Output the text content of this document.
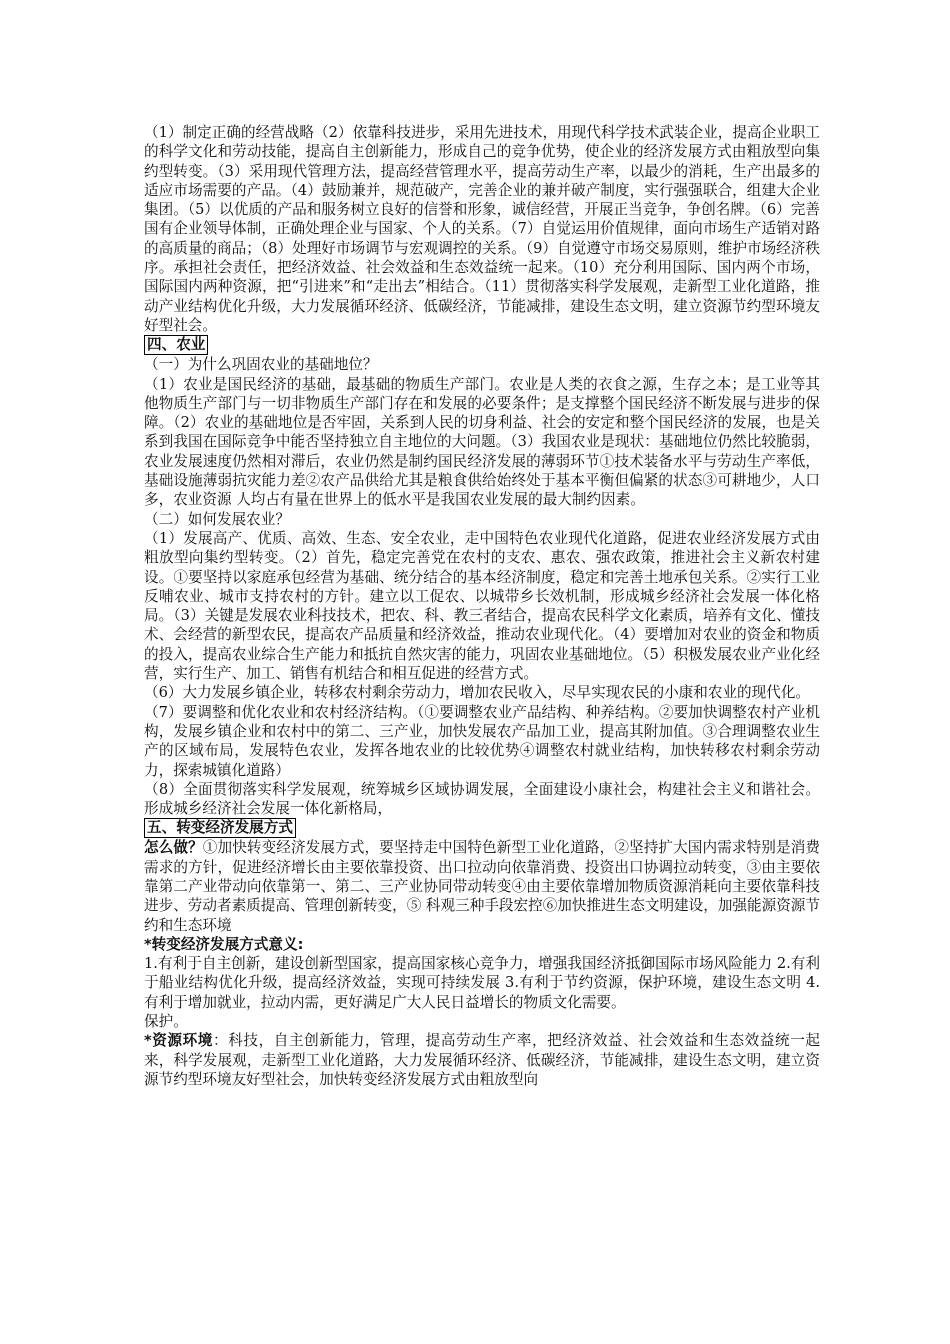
（1）制定正确的经营战略（2）依靠科技进步，采用先进技术，用现代科学技术武装企业，提高企业职工的科学文化和劳动技能，提高自主创新能力，形成自己的竞争优势，使企业的经济发展方式由粗放型向集约型转变。（3）采用现代管理方法，提高经营管理水平，提高劳动生产率，以最少的消耗，生产出最多的适应市场需要的产品。（4）鼓励兼并，规范破产，完善企业的兼并破产制度，实行强强联合，组建大企业集团。（5）以优质的产品和服务树立良好的信誉和形象，诚信经营，开展正当竞争，争创名牌。（6）完善国有企业领导体制，正确处理企业与国家、个人的关系。（7）自觉运用价值规律，面向市场生产适销对路的高质量的商品；（8）处理好市场调节与宏观调控的关系。（9）自觉遵守市场交易原则，维护市场经济秩序。承担社会责任，把经济效益、社会效益和生态效益统一起来。（10）充分利用国际、国内两个市场，国际国内两种资源，把“引进来”和“走出去”相结合。（11）贯彻落实科学发展观，走新型工业化道路，推动产业结构优化升级，大力发展循环经济、低碳经济，节能减排，建设生态文明，建立资源节约型环境友好型社会。

四、农业

（一）为什么巩固农业的基础地位？

（1）农业是国民经济的基础，最基础的物质生产部门。农业是人类的衣食之源，生存之本；是工业等其他物质生产部门与一切非物质生产部门存在和发展的必要条件；是支撑整个国民经济不断发展与进步的保障。（2）农业的基础地位是否牢固，关系到人民的切身利益、社会的安定和整个国民经济的发展，也是关系到我国在国际竞争中能否坚持独立自主地位的大问题。（3）我国农业是现状：基础地位仍然比较脆弱，农业发展速度仍然相对滞后，农业仍然是制约国民经济发展的薄弱环节①技术装备水平与劳动生产率低，基础设施薄弱抗灾能力差②农产品供给尤其是粮食供给始终处于基本平衡但偏紧的状态③可耕地少，人口多，农业资源 人均占有量在世界上的低水平是我国农业发展的最大制约因素。

（二）如何发展农业？

（1）发展高产、优质、高效、生态、安全农业，走中国特色农业现代化道路，促进农业经济发展方式由粗放型向集约型转变。（2）首先，稳定完善党在农村的支农、惠农、强农政策，推进社会主义新农村建设。①要坚持以家庭承包经营为基础、统分结合的基本经济制度，稳定和完善土地承包关系。②实行工业反哺农业、城市支持农村的方针。建立以工促农、以城带乡长效机制，形成城乡经济社会发展一体化格局。（3）关键是发展农业科技技术，把农、科、教三者结合，提高农民科学文化素质，培养有文化、懂技术、会经营的新型农民，提高农产品质量和经济效益，推动农业现代化。（4）要增加对农业的资金和物质的投入，提高农业综合生产能力和抵抗自然灾害的能力，巩固农业基础地位。（5）积极发展农业产业化经营，实行生产、加工、销售有机结合和相互促进的经营方式。

（6）大力发展乡镇企业，转移农村剩余劳动力，增加农民收入，尽早实现农民的小康和农业的现代化。

（7）要调整和优化农业和农村经济结构。（①要调整农业产品结构、种养结构。②要加快调整农村产业机构，发展乡镇企业和农村中的第二、三产业，加快发展农产品加工业，提高其附加值。③合理调整农业生产的区域布局，发展特色农业，发挥各地农业的比较优势④调整农村就业结构，加快转移农村剩余劳动力，探索城镇化道路）

（8）全面贯彻落实科学发展观，统筹城乡区域协调发展，全面建设小康社会，构建社会主义和谐社会。形成城乡经济社会发展一体化新格局，

五、转变经济发展方式

怎么做？①加快转变经济发展方式，要坚持走中国特色新型工业化道路，②坚持扩大国内需求特别是消费需求的方针，促进经济增长由主要依靠投资、出口拉动向依靠消费、投资出口协调拉动转变，③由主要依靠第二产业带动向依靠第一、第二、三产业协同带动转变④由主要依靠增加物质资源消耗向主要依靠科技进步、劳动者素质提高、管理创新转变，⑤ 科观三种手段宏控⑥加快推进生态文明建设，加强能源资源节约和生态环境

*转变经济发展方式意义:

1.有利于自主创新，建设创新型国家，提高国家核心竞争力，增强我国经济抵御国际市场风险能力 2.有利于船业结构优化升级，提高经济效益，实现可持续发展 3.有利于节约资源，保护环境，建设生态文明 4.有利于增加就业，拉动内需，更好满足广大人民日益增长的物质文化需要。

保护。

*资源环境：科技，自主创新能力，管理，提高劳动生产率，把经济效益、社会效益和生态效益统一起来，科学发展观，走新型工业化道路，大力发展循环经济、低碳经济，节能减排，建设生态文明，建立资源节约型环境友好型社会，加快转变经济发展方式由粗放型向
